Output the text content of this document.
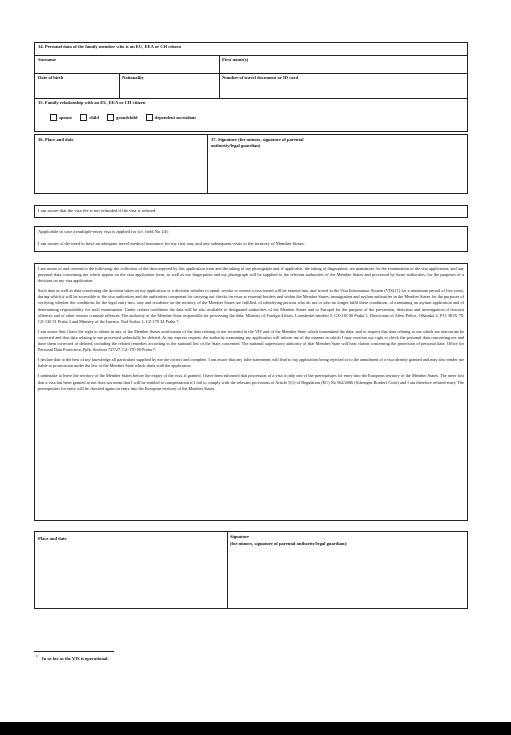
34. Personal data of the family member who is an EU, EEA or CH citizen
Surname	First name(s)
Date of birth	Nationality	Number of travel document or ID card
35. Family relationship with an EU, EEA or CH citizen
spouse	child	grandchild	dependent ascendant
36. Place and date	37. Signature (for minors, signature of parental authority/legal guardian)
I am aware that the visa fee is not refunded if the visa is refused.
Applicable in case a multiple-entry visa is applied for (cf. field No 24):
I am aware of the need to have an adequate travel medical insurance for my first stay and any subsequent visits to the territory of Member States.

I am aware of and consent to the following: the collection of the data required by this application form and the taking of my photograph and, if applicable, the taking of fingerprints, are mandatory for the examination of the visa application; and any personal data concerning me which appear on the visa application form, as well as my fingerprints and my photograph will be supplied to the relevant authorities of the Member States and processed by those authorities, for the purposes of a decision on my visa application.

Such data as well as data concerning the decision taken on my application or a decision whether to annul, revoke or extend a visa issued will be entered into, and stored in the Visa Information System (VIS) (1) for a maximum period of five years, during which it will be accessible to the visa authorities and the authorities competent for carrying out checks on visas at external borders and within the Member States, immigration and asylum authorities in the Member States for the purposes of verifying whether the conditions for the legal entry into, stay and residence on the territory of the Member States are fulfilled, of identifying persons who do not or who no longer fulfil these conditions, of examining an asylum application and of determining responsibility for such examination. Under certain conditions the data will be also available to designated authorities of the Member States and to Europol for the purpose of the prevention, detection and investigation of terrorist offences and of other serious criminal offences. The authority of the Member State responsible for processing the data: Ministry of Foreign Affairs, Loretánské náměstí 5, CZ-118 00 Praha 1, Directorate of Alien Police, Olšanská 2, P.O. BOX 78, CZ-130 51 Praha 3 and Ministry of the Interior, Nad Štolou 3, CZ-170 34 Praha 7.

I am aware that I have the right to obtain in any of the Member States notification of the data relating to me recorded in the VIS and of the Member State which transmitted the data, and to request that data relating to me which are inaccurate be corrected and that data relating to me processed unlawfully be deleted. At my express request, the authority examining my application will inform me of the manner in which I may exercise my right to check the personal data concerning me and have them corrected or deleted, including the related remedies according to the national law of the State concerned. The national supervisory authority of that Member State will hear claims concerning the protection of personal data: Office for Personal Data Protection, Pplk. Sochora 727/27, CZ-170 00 Praha 7.

I declare that to the best of my knowledge all particulars supplied by me are correct and complete. I am aware that any false statements will lead to my application being rejected or to the annulment of a visa already granted and may also render me liable to prosecution under the law of the Member State which deals with the application.

I undertake to leave the territory of the Member States before the expiry of the visa, if granted. I have been informed that possession of a visa is only one of the prerequisites for entry into the European territory of the Member States. The mere fact that a visa has been granted to me does not mean that I will be entitled to compensation if I fail to comply with the relevant provisions of Article 5(1) of Regulation (EC) No 562/2006 (Schengen Borders Code) and I am therefore refused entry. The prerequisites for entry will be checked again on entry into the European territory of the Member States.

Place and date	Signature
(for minors, signature of parental authority/legal guardian):
$^1$ In so far as the VIS is operational.
